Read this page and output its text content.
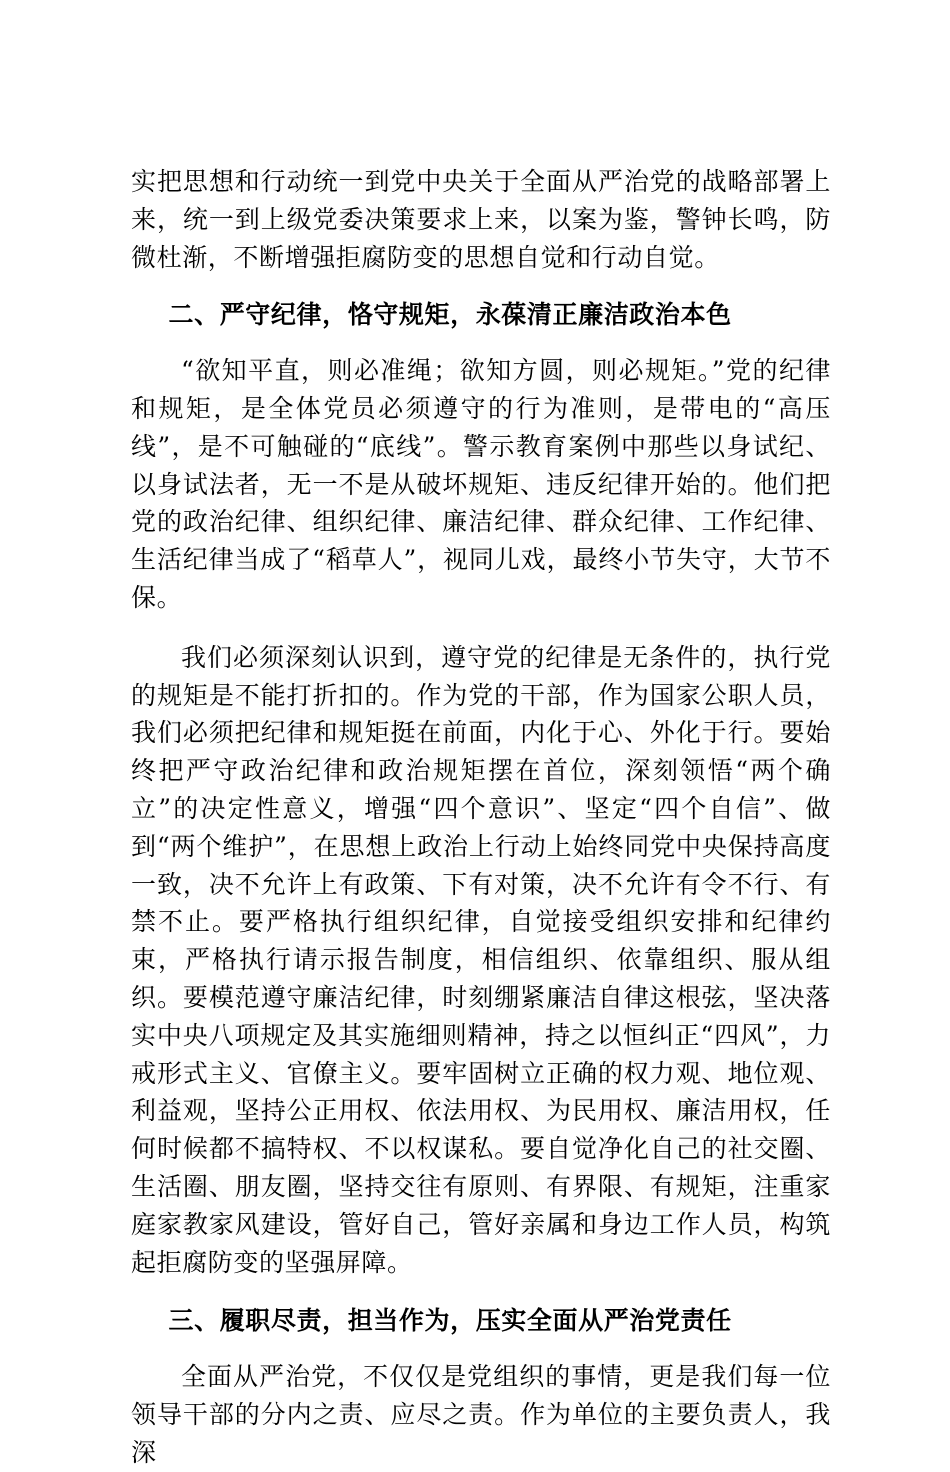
实把思想和行动统一到党中央关于全面从严治党的战略部署上来，统一到上级党委决策要求上来，以案为鉴，警钟长鸣，防微杜渐，不断增强拒腐防变的思想自觉和行动自觉。

二、严守纪律，恪守规矩，永葆清正廉洁政治本色

“欲知平直，则必准绳；欲知方圆，则必规矩。”党的纪律和规矩，是全体党员必须遵守的行为准则，是带电的“高压线”，是不可触碰的“底线”。警示教育案例中那些以身试纪、以身试法者，无一不是从破坏规矩、违反纪律开始的。他们把党的政治纪律、组织纪律、廉洁纪律、群众纪律、工作纪律、生活纪律当成了“稻草人”，视同儿戏，最终小节失守，大节不保。

我们必须深刻认识到，遵守党的纪律是无条件的，执行党的规矩是不能打折扣的。作为党的干部，作为国家公职人员，我们必须把纪律和规矩挺在前面，内化于心、外化于行。要始终把严守政治纪律和政治规矩摆在首位，深刻领悟“两个确立”的决定性意义，增强“四个意识”、坚定“四个自信”、做到“两个维护”，在思想上政治上行动上始终同党中央保持高度一致，决不允许上有政策、下有对策，决不允许有令不行、有禁不止。要严格执行组织纪律，自觉接受组织安排和纪律约束，严格执行请示报告制度，相信组织、依靠组织、服从组织。要模范遵守廉洁纪律，时刻绷紧廉洁自律这根弦，坚决落实中央八项规定及其实施细则精神，持之以恒纠正“四风”，力戒形式主义、官僚主义。要牢固树立正确的权力观、地位观、利益观，坚持公正用权、依法用权、为民用权、廉洁用权，任何时候都不搞特权、不以权谋私。要自觉净化自己的社交圈、生活圈、朋友圈，坚持交往有原则、有界限、有规矩，注重家庭家教家风建设，管好自己，管好亲属和身边工作人员，构筑起拒腐防变的坚强屏障。

三、履职尽责，担当作为，压实全面从严治党责任

全面从严治党，不仅仅是党组织的事情，更是我们每一位领导干部的分内之责、应尽之责。作为单位的主要负责人，我深
